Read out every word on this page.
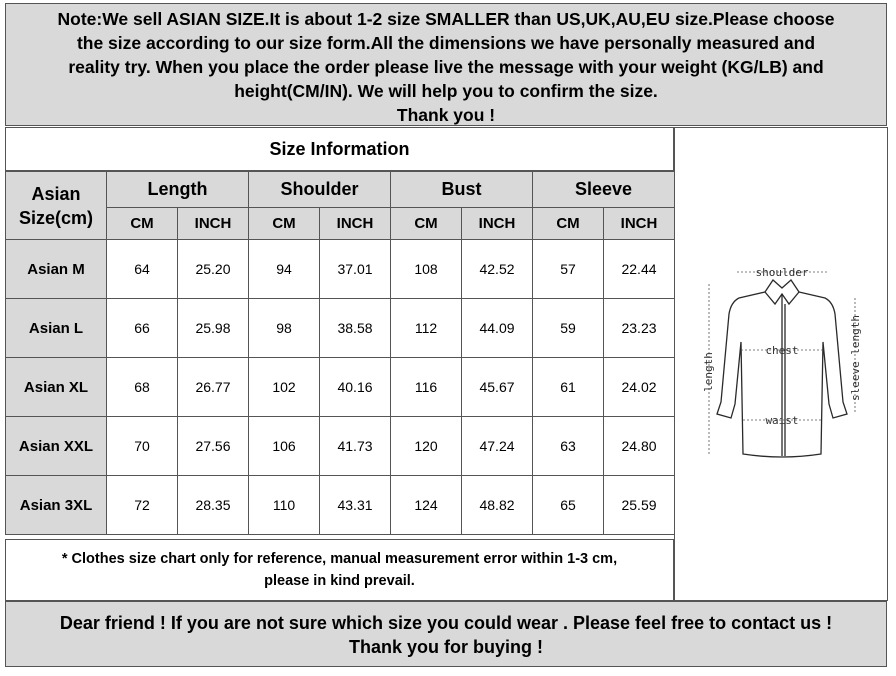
Note:We sell ASIAN SIZE.It is about 1-2 size SMALLER than US,UK,AU,EU size.Please choose

the size according to our size form.All the dimensions we have personally measured and

reality try. When you place the order please live the message with your weight (KG/LB) and

height(CM/IN). We will help you to confirm the size.

Thank you !

Size Information
Asian Size(cm)	Length		Shoulder		Bust		Sleeve	
	CM	INCH	CM	INCH	CM	INCH	CM	INCH
Asian M	64	25.20	94	37.01	108	42.52	57	22.44
Asian L	66	25.98	98	38.58	112	44.09	59	23.23
Asian XL	68	26.77	102	40.16	116	45.67	61	24.02
Asian XXL	70	27.56	106	41.73	120	47.24	63	24.80
Asian 3XL	72	28.35	110	43.31	124	48.82	65	25.59

* Clothes size chart only for reference, manual measurement error within 1-3 cm,

please in kind prevail.

shoulder
chest
waist
length	sleeve length

Dear friend ! If you are not sure which size you could wear . Please feel free to contact us !

Thank you for buying !
